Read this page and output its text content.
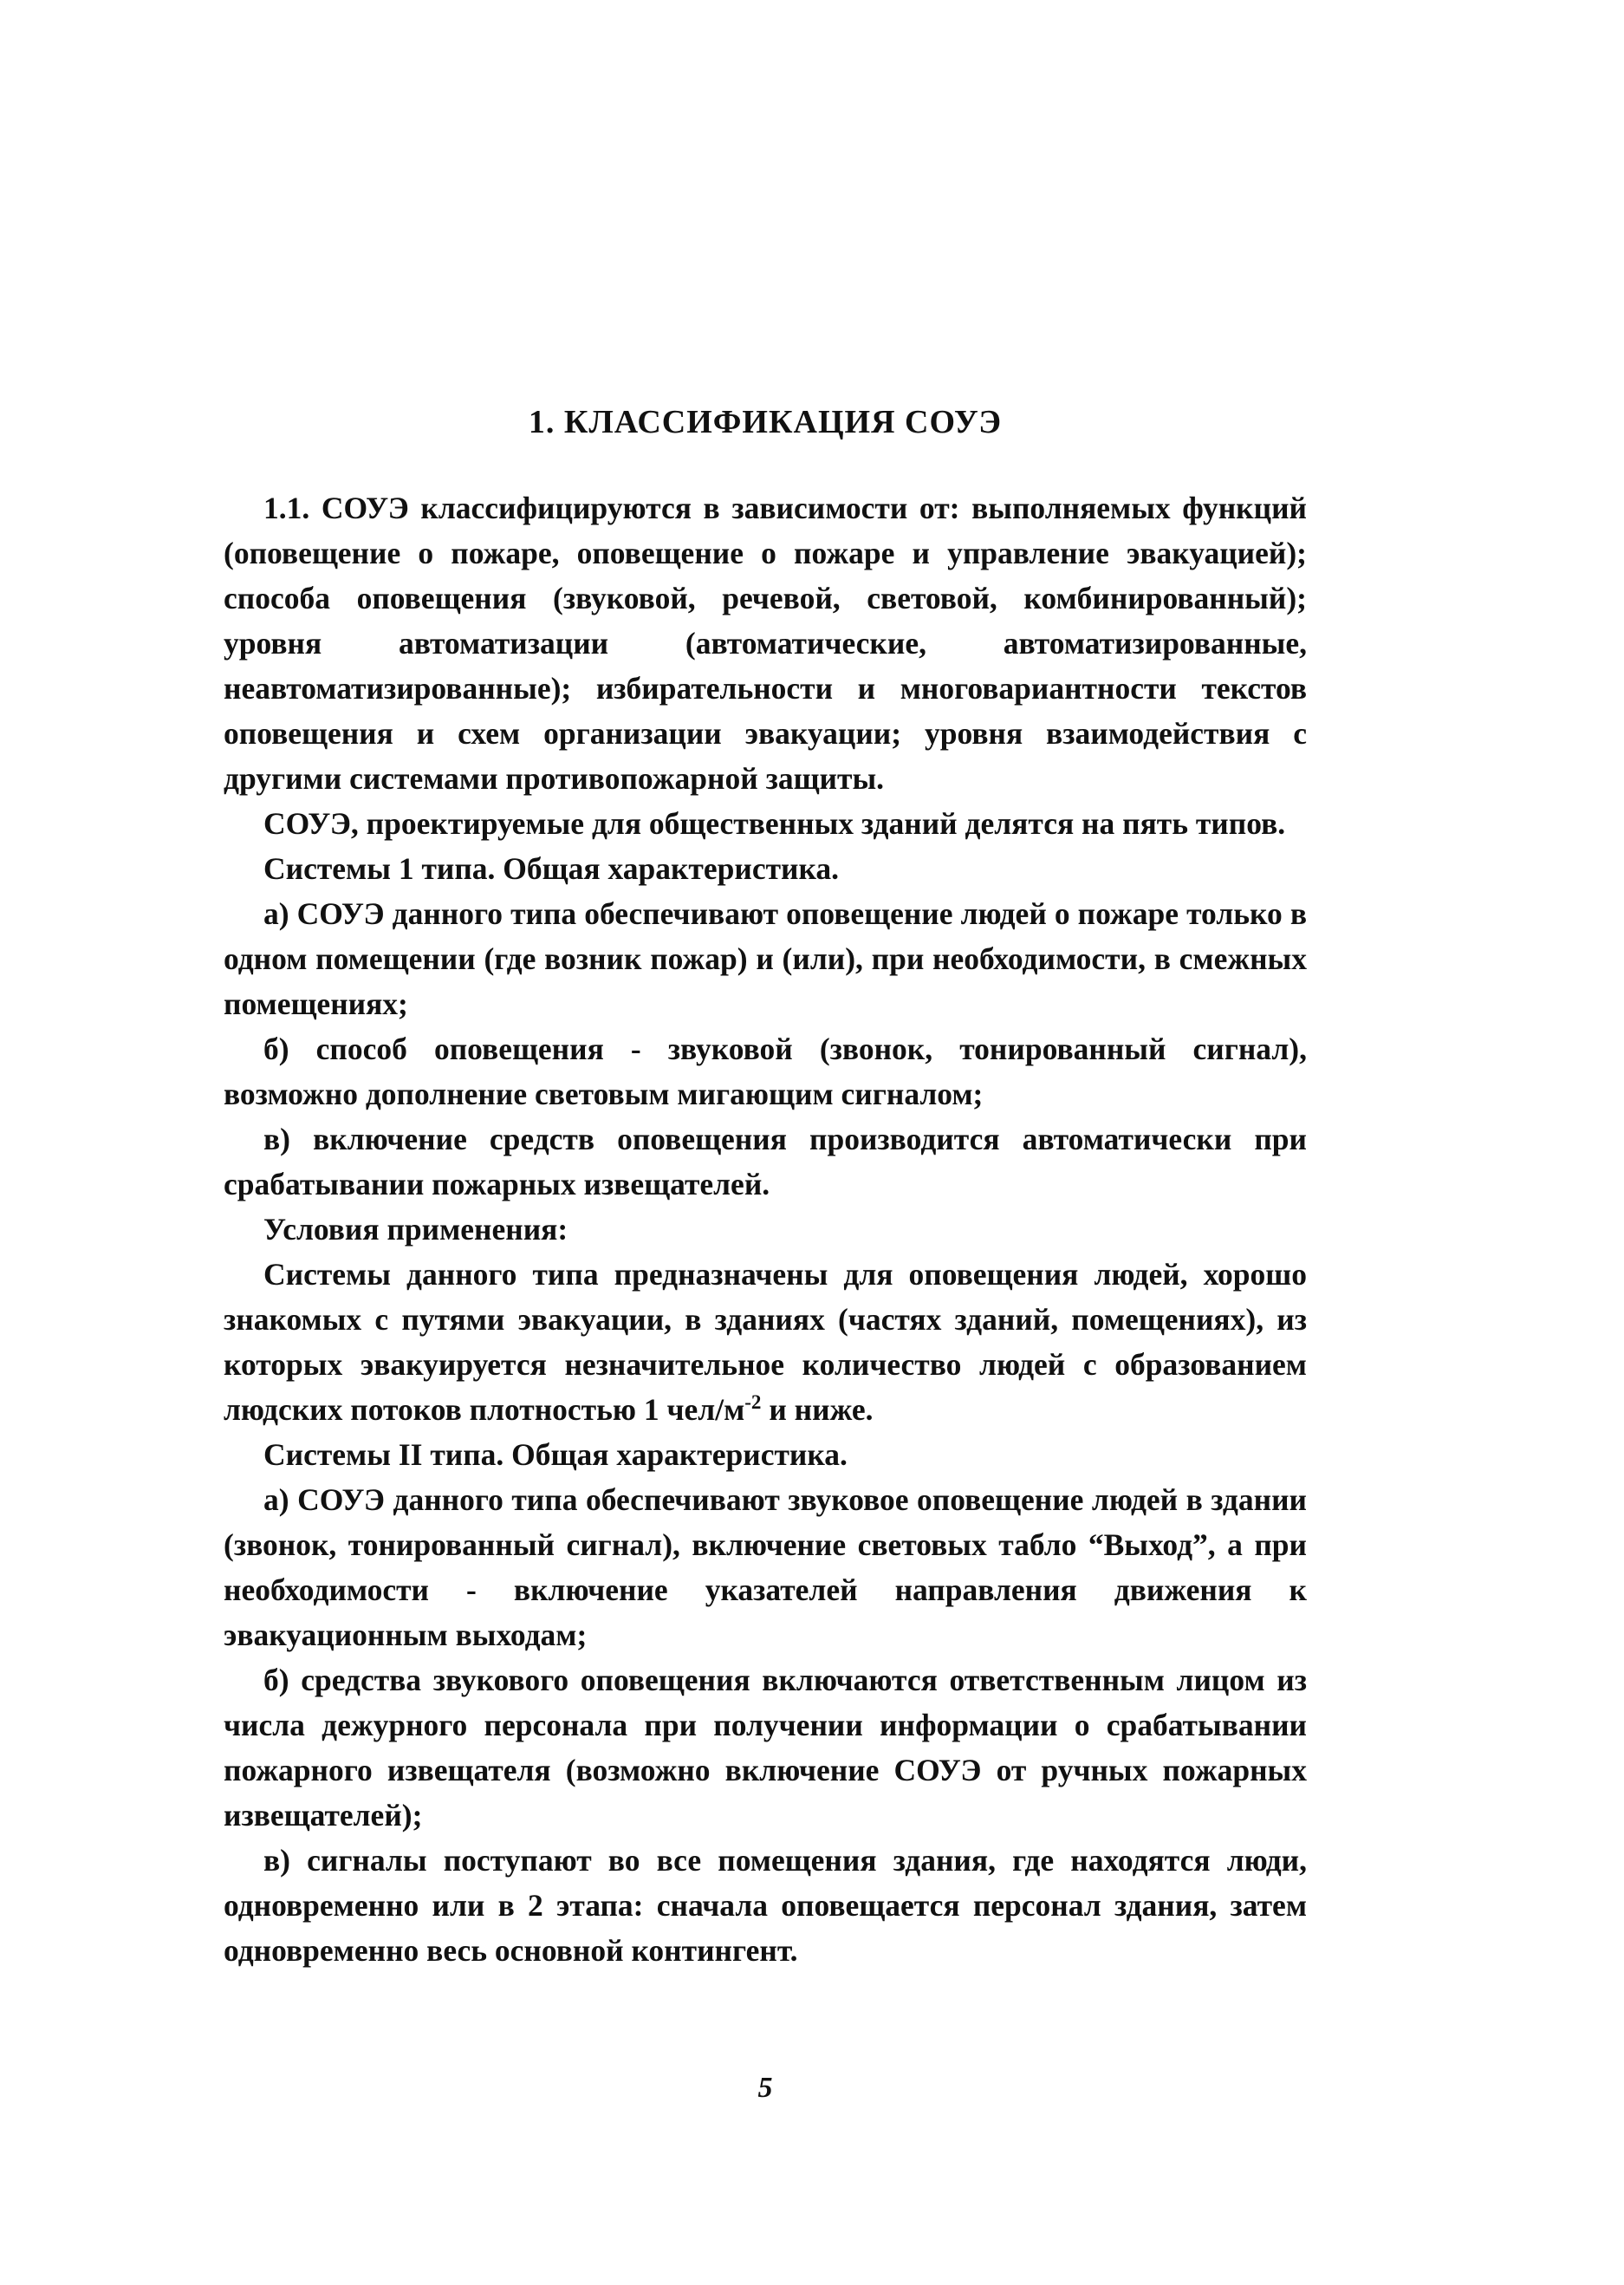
1. КЛАССИФИКАЦИЯ СОУЭ

1.1. СОУЭ классифицируются в зависимости от: выполняемых функций (оповещение о пожаре, оповещение о пожаре и управление эвакуацией); способа оповещения (звуковой, речевой, световой, комбинированный); уровня автоматизации (автоматические, автоматизированные, неавтоматизированные); избирательности и многовариантности текстов оповещения и схем организации эвакуации; уровня взаимодействия с другими системами противопожарной защиты.

СОУЭ, проектируемые для общественных зданий делятся на пять типов.

Системы 1 типа. Общая характеристика.

а) СОУЭ данного типа обеспечивают оповещение людей о пожаре только в одном помещении (где возник пожар) и (или), при необходимости, в смежных помещениях;

б) способ оповещения - звуковой (звонок, тонированный сигнал), возможно дополнение световым мигающим сигналом;

в) включение средств оповещения производится автоматически при срабатывании пожарных извещателей.

Условия применения:

Системы данного типа предназначены для оповещения людей, хорошо знакомых с путями эвакуации, в зданиях (частях зданий, помещениях), из которых эвакуируется незначительное количество людей с образованием людских потоков плотностью 1 чел/$м^{-2}$ и ниже.

Системы II типа. Общая характеристика.

а) СОУЭ данного типа обеспечивают звуковое оповещение людей в здании (звонок, тонированный сигнал), включение световых табло “Выход”, а при необходимости - включение указателей направления движения к эвакуационным выходам;

б) средства звукового оповещения включаются ответственным лицом из числа дежурного персонала при получении информации о срабатывании пожарного извещателя (возможно включение СОУЭ от ручных пожарных извещателей);

в) сигналы поступают во все помещения здания, где находятся люди, одновременно или в 2 этапа: сначала оповещается персонал здания, затем одновременно весь основной контингент.

5
